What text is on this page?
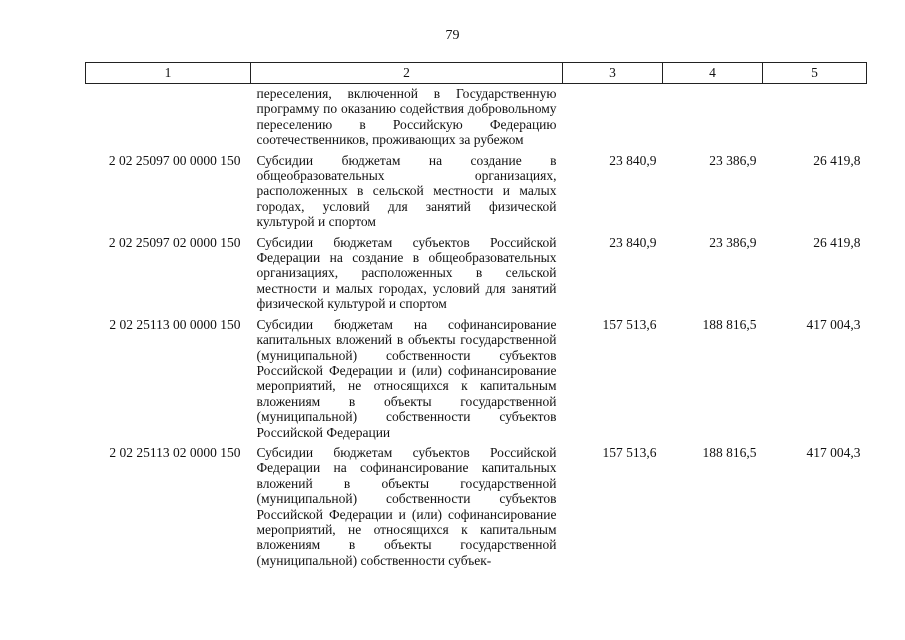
79
1	2	3	4	5
	переселения, включенной в Государственную программу по оказанию содействия добровольному переселению в Российскую Федерацию соотечественников, проживающих за рубежом			
2 02 25097 00 0000 150	Субсидии бюджетам на создание в общеобразовательных организациях, расположенных в сельской местности и малых городах, условий для занятий физической культурой и спортом	23 840,9	23 386,9	26 419,8
2 02 25097 02 0000 150	Субсидии бюджетам субъектов Российской Федерации на создание в общеобразовательных организациях, расположенных в сельской местности и малых городах, условий для занятий физической культурой и спортом	23 840,9	23 386,9	26 419,8
2 02 25113 00 0000 150	Субсидии бюджетам на софинансирование капитальных вложений в объекты государственной (муниципальной) собственности субъектов Российской Федерации и (или) софинансирование мероприятий, не относящихся к капитальным вложениям в объекты государственной (муниципальной) собственности субъектов Российской Федерации	157 513,6	188 816,5	417 004,3
2 02 25113 02 0000 150	Субсидии бюджетам субъектов Российской Федерации на софинансирование капитальных вложений в объекты государственной (муниципальной) собственности субъектов Российской Федерации и (или) софинансирование мероприятий, не относящихся к капитальным вложениям в объекты государственной (муниципальной) собственности субъек-	157 513,6	188 816,5	417 004,3
